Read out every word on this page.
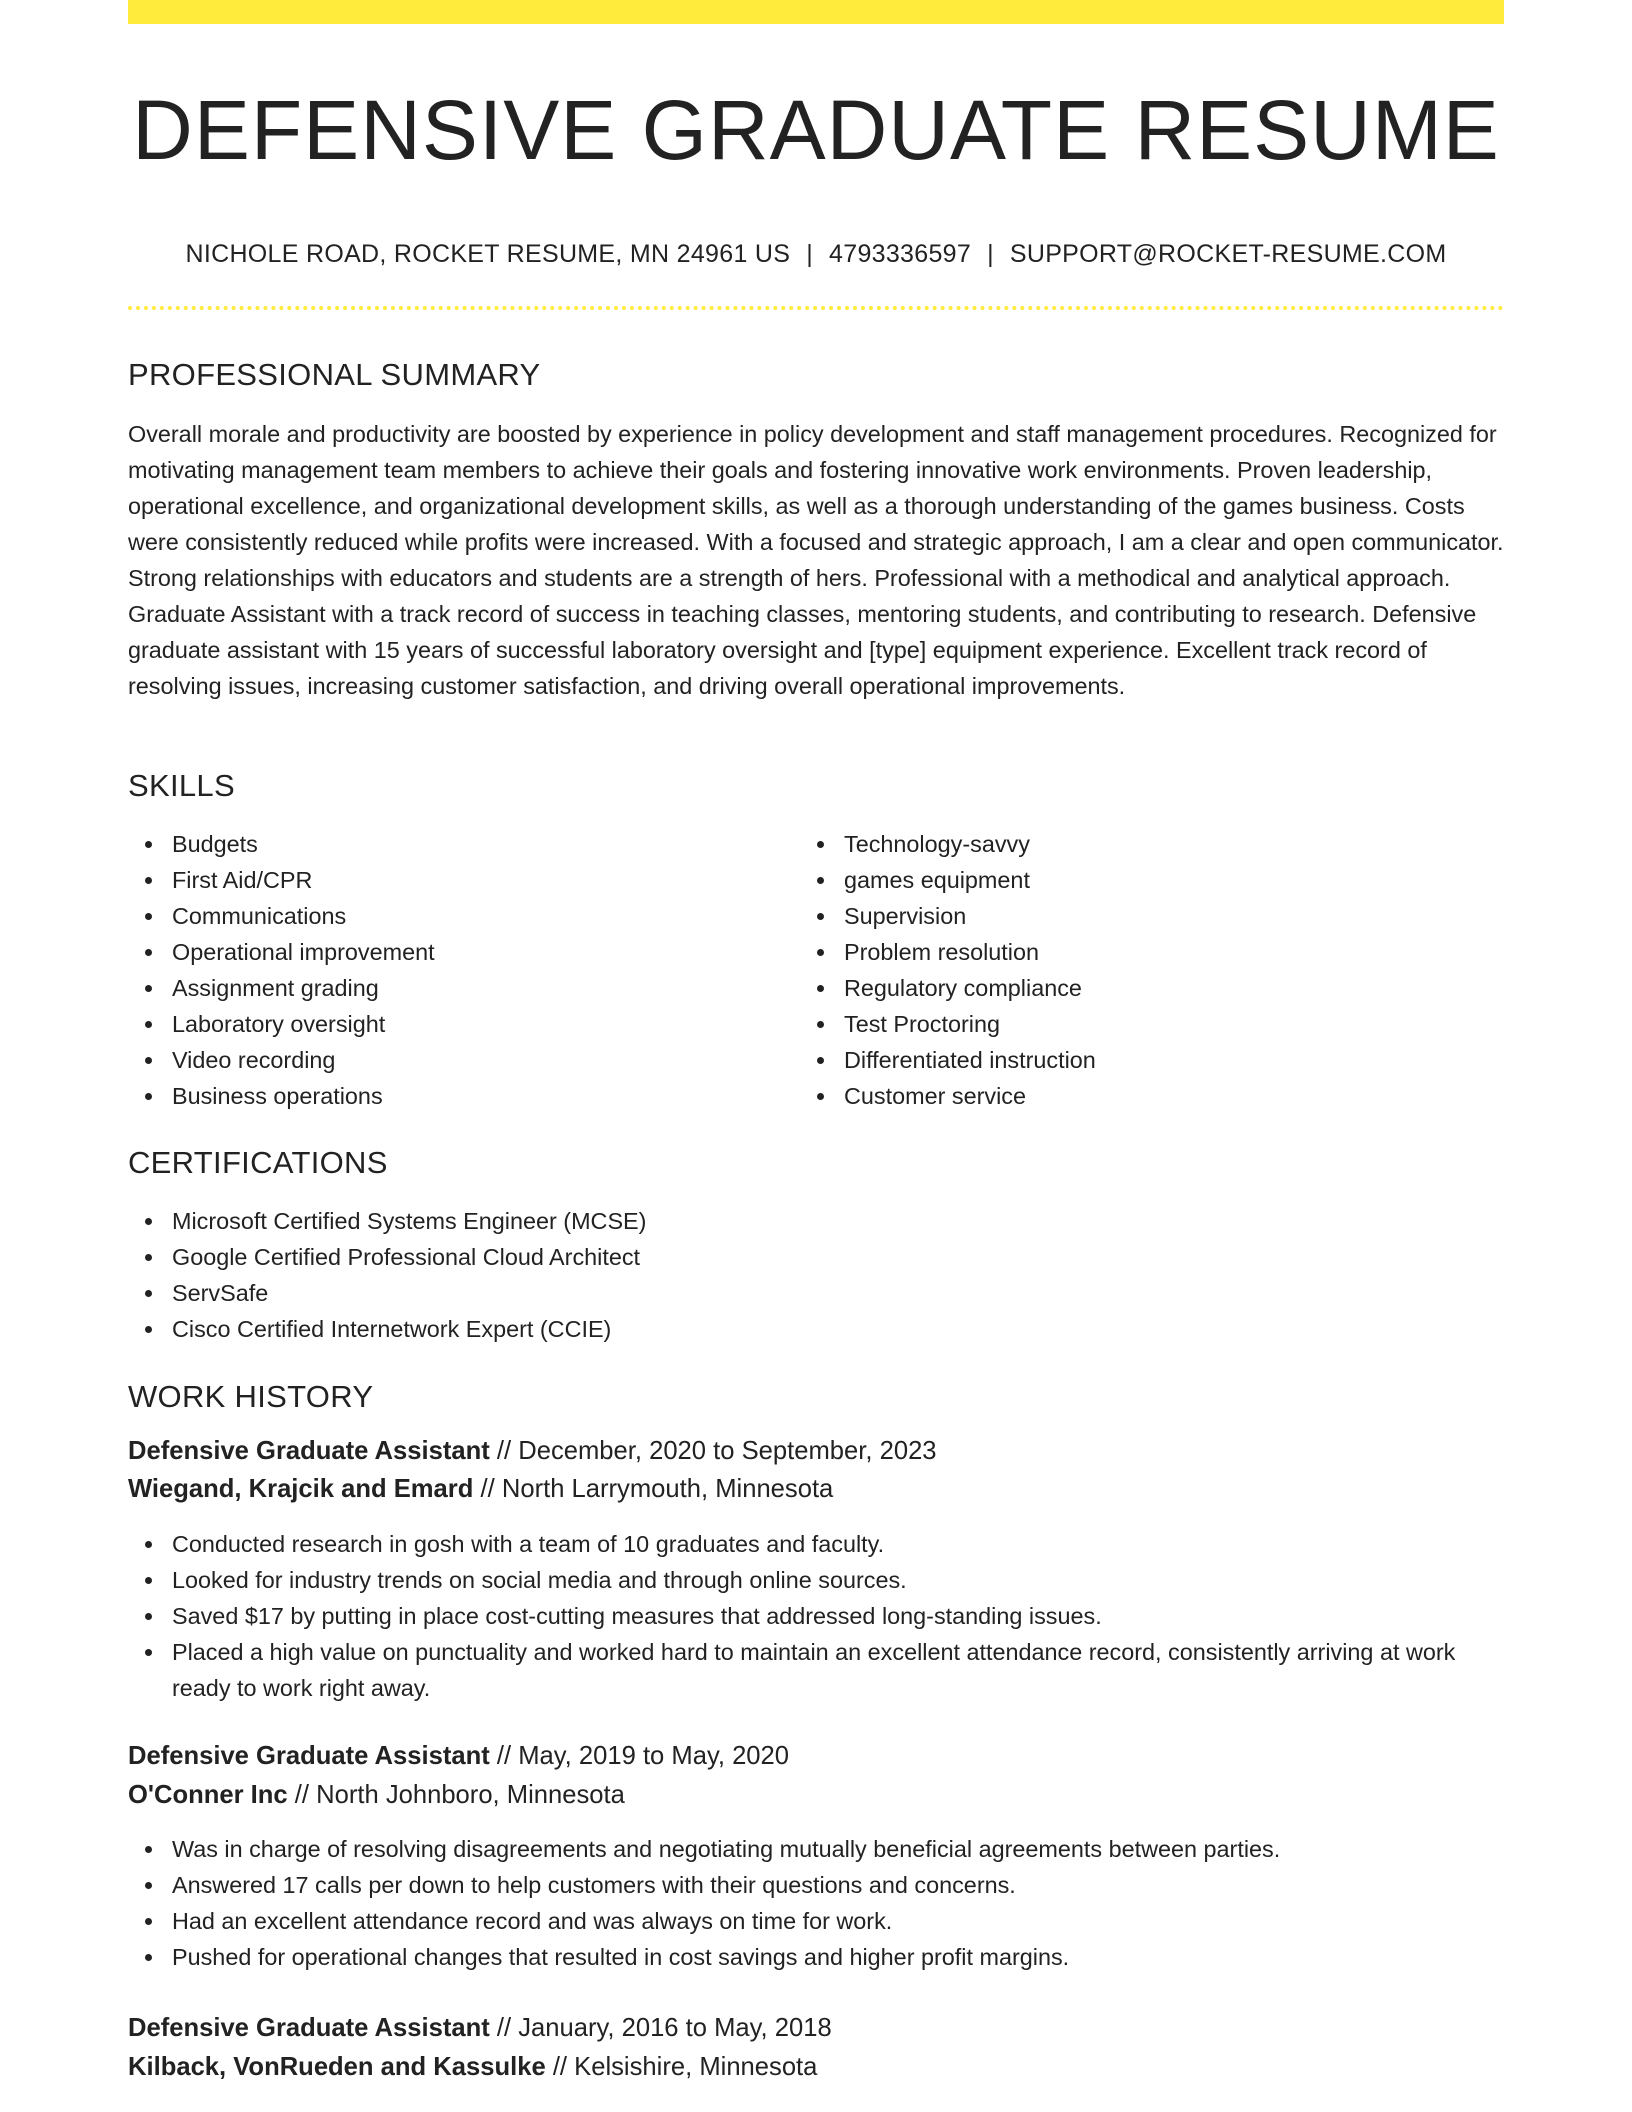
DEFENSIVE GRADUATE RESUME
NICHOLE ROAD, ROCKET RESUME, MN 24961 US | 4793336597 | SUPPORT@ROCKET-RESUME.COM
PROFESSIONAL SUMMARY
Overall morale and productivity are boosted by experience in policy development and staff management procedures. Recognized for motivating management team members to achieve their goals and fostering innovative work environments. Proven leadership, operational excellence, and organizational development skills, as well as a thorough understanding of the games business. Costs were consistently reduced while profits were increased. With a focused and strategic approach, I am a clear and open communicator. Strong relationships with educators and students are a strength of hers. Professional with a methodical and analytical approach. Graduate Assistant with a track record of success in teaching classes, mentoring students, and contributing to research. Defensive graduate assistant with 15 years of successful laboratory oversight and [type] equipment experience. Excellent track record of resolving issues, increasing customer satisfaction, and driving overall operational improvements.
SKILLS
Budgets
First Aid/CPR
Communications
Operational improvement
Assignment grading
Laboratory oversight
Video recording
Business operations
Technology-savvy
games equipment
Supervision
Problem resolution
Regulatory compliance
Test Proctoring
Differentiated instruction
Customer service
CERTIFICATIONS
Microsoft Certified Systems Engineer (MCSE)
Google Certified Professional Cloud Architect
ServSafe
Cisco Certified Internetwork Expert (CCIE)
WORK HISTORY
Defensive Graduate Assistant // December, 2020 to September, 2023
Wiegand, Krajcik and Emard // North Larrymouth, Minnesota
Conducted research in gosh with a team of 10 graduates and faculty.
Looked for industry trends on social media and through online sources.
Saved $17 by putting in place cost-cutting measures that addressed long-standing issues.
Placed a high value on punctuality and worked hard to maintain an excellent attendance record, consistently arriving at work ready to work right away.
Defensive Graduate Assistant // May, 2019 to May, 2020
O'Conner Inc // North Johnboro, Minnesota
Was in charge of resolving disagreements and negotiating mutually beneficial agreements between parties.
Answered 17 calls per down to help customers with their questions and concerns.
Had an excellent attendance record and was always on time for work.
Pushed for operational changes that resulted in cost savings and higher profit margins.
Defensive Graduate Assistant // January, 2016 to May, 2018
Kilback, VonRueden and Kassulke // Kelsishire, Minnesota
